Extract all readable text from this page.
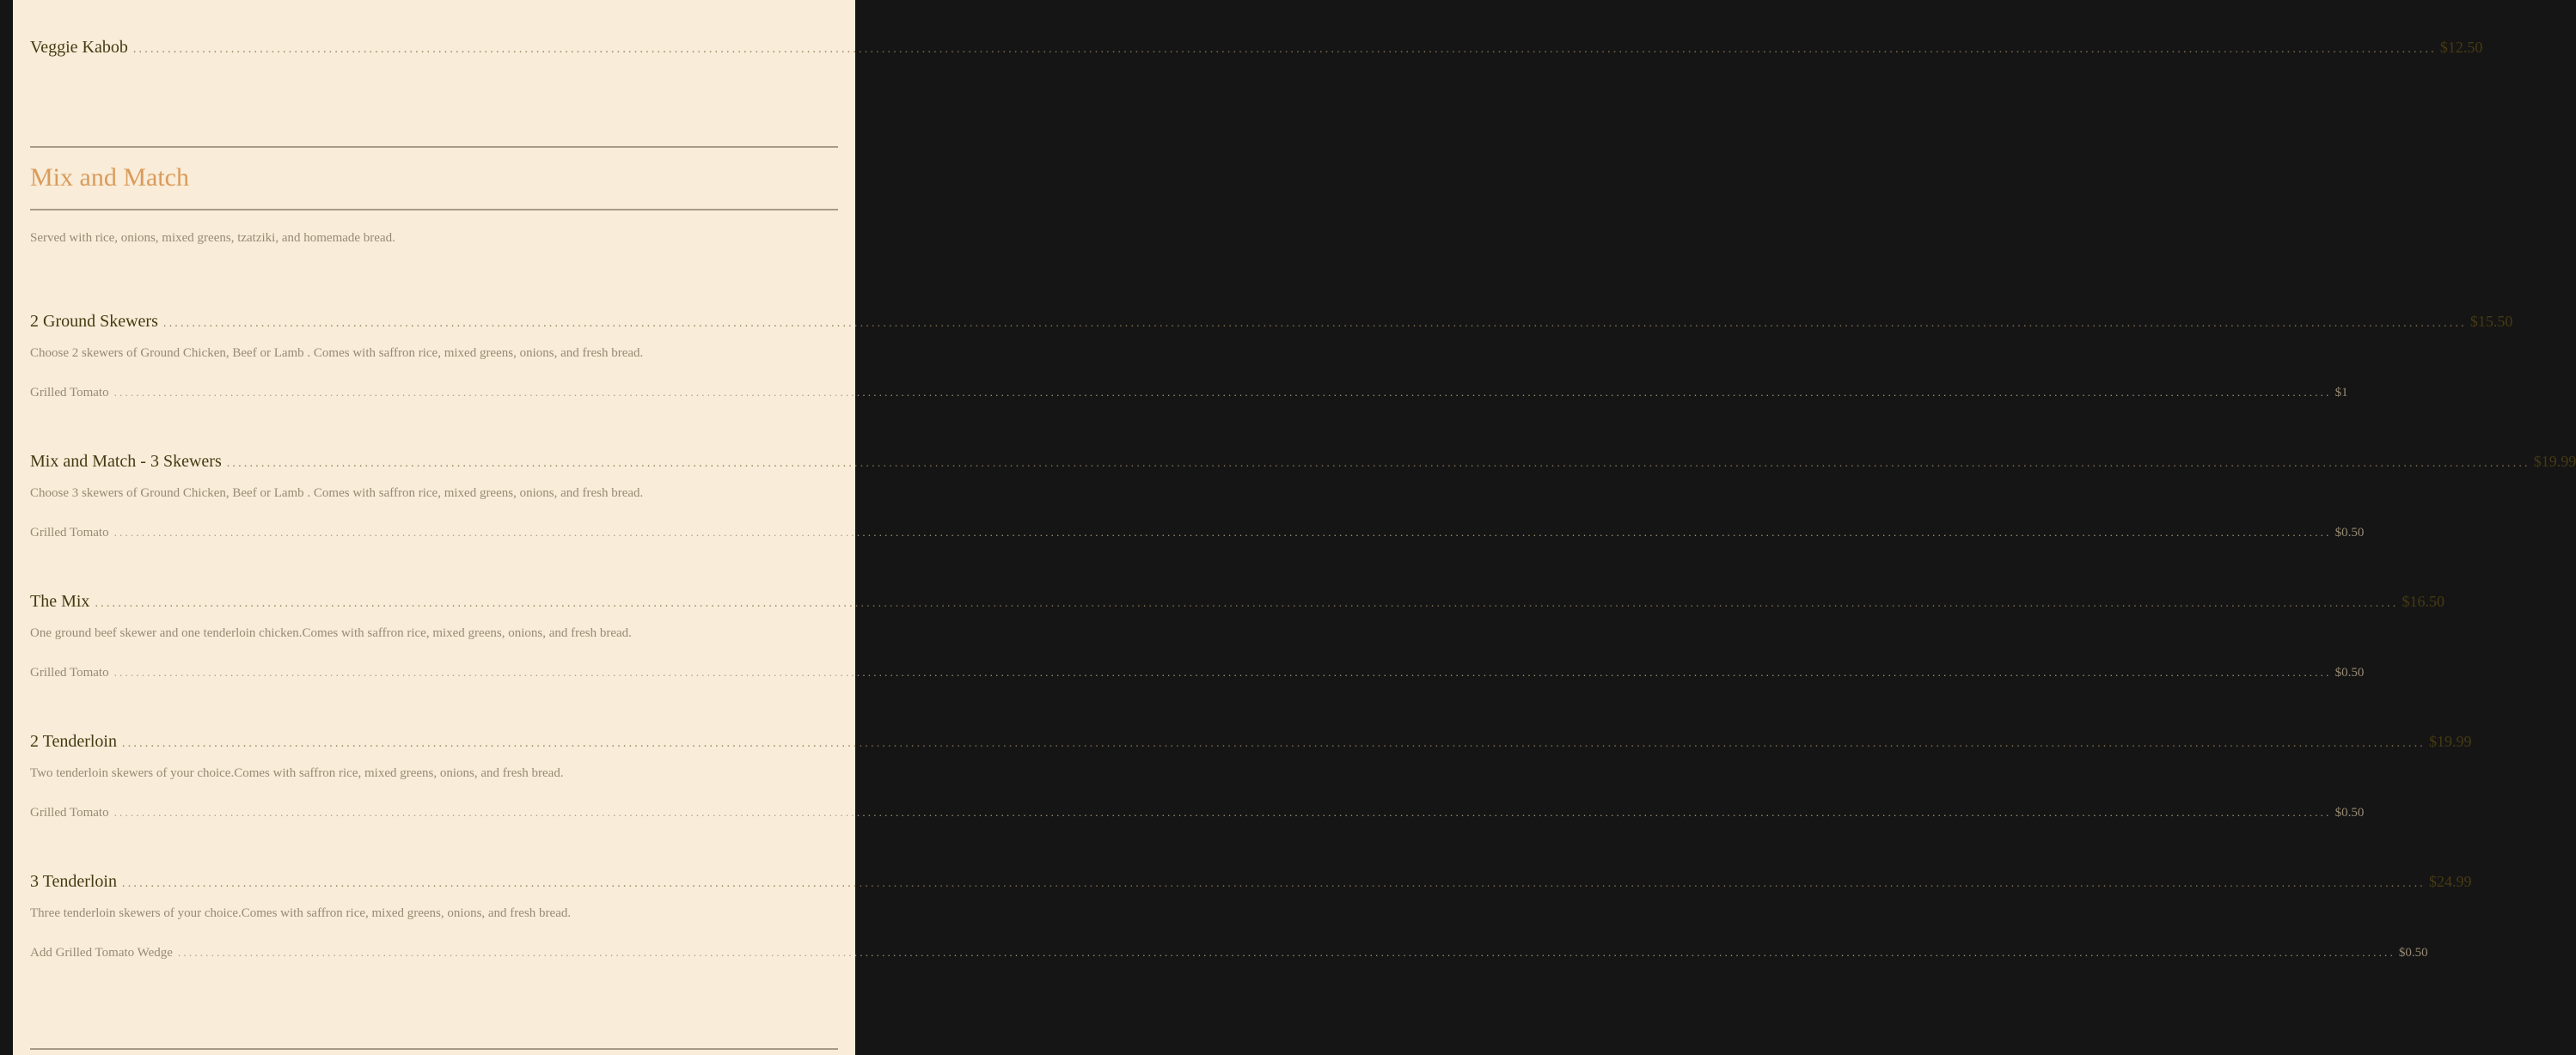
Veggie Kabob ................................................................................................................................................................................................................................................................................................................................................................................................................ $12.50
Mix and Match
Served with rice, onions, mixed greens, tzatziki, and homemade bread.
2 Ground Skewers ................................................................................................................................................................................................................................................................................................................................................................................................................ $15.50
Choose 2 skewers of Ground Chicken, Beef or Lamb . Comes with saffron rice, mixed greens, onions, and fresh bread.
Grilled Tomato ................................................................................................................................................................................................................................................................................................................................................................................................................ $1
Mix and Match - 3 Skewers ................................................................................................................................................................................................................................................................................................................................................................................................................ $19.99
Choose 3 skewers of Ground Chicken, Beef or Lamb . Comes with saffron rice, mixed greens, onions, and fresh bread.
Grilled Tomato ................................................................................................................................................................................................................................................................................................................................................................................................................ $0.50
The Mix ................................................................................................................................................................................................................................................................................................................................................................................................................ $16.50
One ground beef skewer and one tenderloin chicken.Comes with saffron rice, mixed greens, onions, and fresh bread.
Grilled Tomato ................................................................................................................................................................................................................................................................................................................................................................................................................ $0.50
2 Tenderloin ................................................................................................................................................................................................................................................................................................................................................................................................................ $19.99
Two tenderloin skewers of your choice.Comes with saffron rice, mixed greens, onions, and fresh bread.
Grilled Tomato ................................................................................................................................................................................................................................................................................................................................................................................................................ $0.50
3 Tenderloin ................................................................................................................................................................................................................................................................................................................................................................................................................ $24.99
Three tenderloin skewers of your choice.Comes with saffron rice, mixed greens, onions, and fresh bread.
Add Grilled Tomato Wedge ................................................................................................................................................................................................................................................................................................................................................................................................................ $0.50
